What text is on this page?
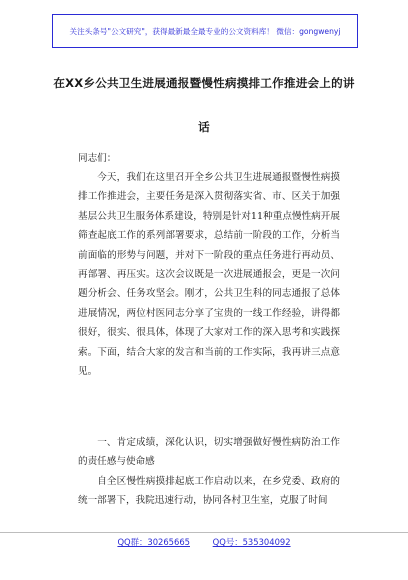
关注头条号"公文研究"，获得最新最全最专业的公文资料库！ 微信：gongwenyj
在XX乡公共卫生进展通报暨慢性病摸排工作推进会上的讲
话
同志们：
今天，我们在这里召开全乡公共卫生进展通报暨慢性病摸排工作推进会，主要任务是深入贯彻落实省、市、区关于加强基层公共卫生服务体系建设，特别是针对11种重点慢性病开展筛查起底工作的系列部署要求，总结前一阶段的工作，分析当前面临的形势与问题，并对下一阶段的重点任务进行再动员、再部署、再压实。这次会议既是一次进展通报会，更是一次问题分析会、任务攻坚会。刚才，公共卫生科的同志通报了总体进展情况，两位村医同志分享了宝贵的一线工作经验，讲得都很好，很实、很具体，体现了大家对工作的深入思考和实践探索。下面，结合大家的发言和当前的工作实际，我再讲三点意见。
一、肯定成绩，深化认识，切实增强做好慢性病防治工作的责任感与使命感
自全区慢性病摸排起底工作启动以来，在乡党委、政府的统一部署下，我院迅速行动，协同各村卫生室，克服了时间
QQ群：30265665	QQ号：535304092
